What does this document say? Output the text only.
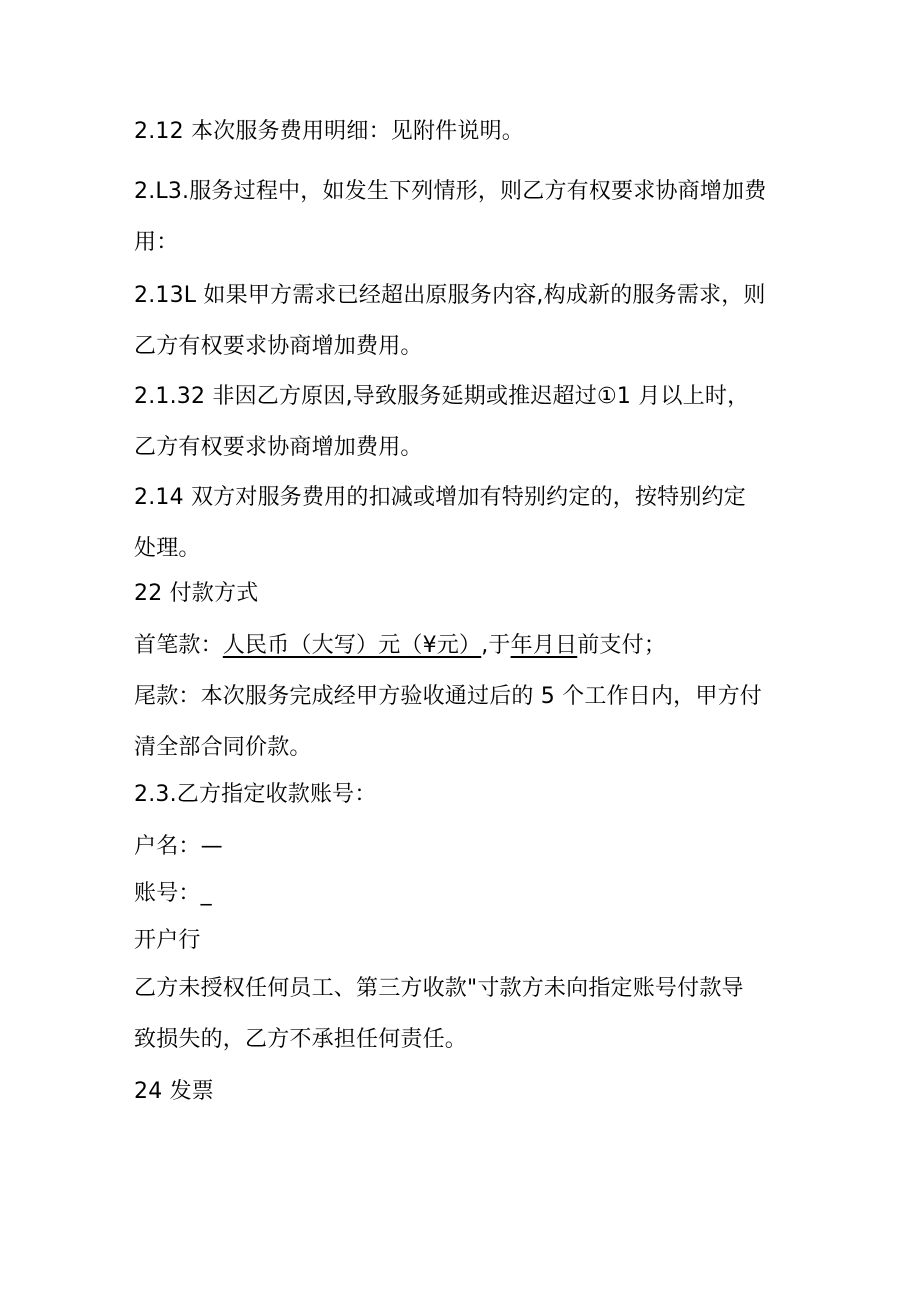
2.12 本次服务费用明细：见附件说明。

2.L3.服务过程中，如发生下列情形，则乙方有权要求协商增加费
用：

2.13L 如果甲方需求已经超出原服务内容,构成新的服务需求，则
乙方有权要求协商增加费用。

2.1.32 非因乙方原因,导致服务延期或推迟超过①1 月以上时，
乙方有权要求协商增加费用。

2.14 双方对服务费用的扣减或增加有特别约定的，按特别约定
处理。

22 付款方式

首笔款：人民币（大写）元（¥元）,于年月日前支付；

尾款：本次服务完成经甲方验收通过后的 5 个工作日内，甲方付
清全部合同价款。

2.3.乙方指定收款账号：

户名：—

账号：_

开户行

乙方未授权任何员工、第三方收款"寸款方未向指定账号付款导
致损失的，乙方不承担任何责任。

24 发票
